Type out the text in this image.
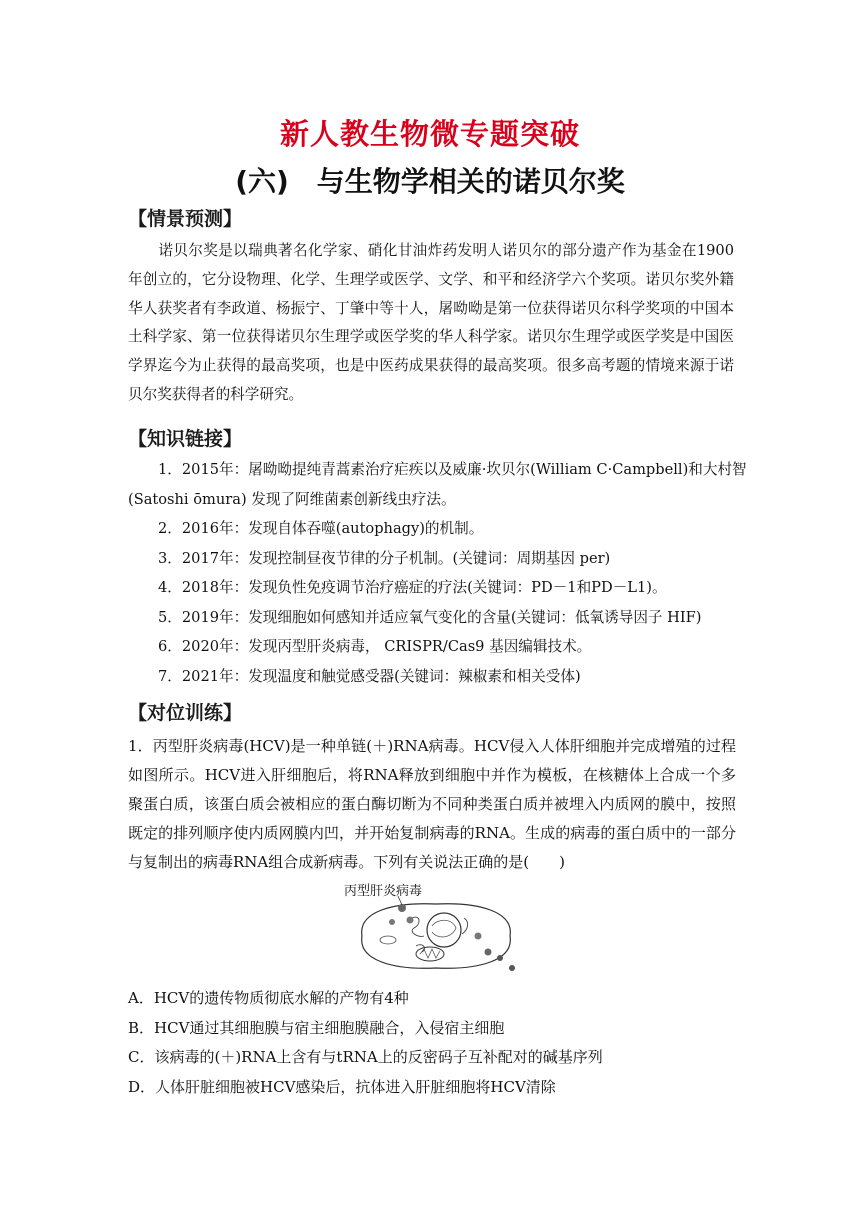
新人教生物微专题突破
(六)　与生物学相关的诺贝尔奖
【情景预测】
诺贝尔奖是以瑞典著名化学家、硝化甘油炸药发明人诺贝尔的部分遗产作为基金在1900年创立的，它分设物理、化学、生理学或医学、文学、和平和经济学六个奖项。诺贝尔奖外籍华人获奖者有李政道、杨振宁、丁肇中等十人，屠呦呦是第一位获得诺贝尔科学奖项的中国本土科学家、第一位获得诺贝尔生理学或医学奖的华人科学家。诺贝尔生理学或医学奖是中国医学界迄今为止获得的最高奖项，也是中医药成果获得的最高奖项。很多高考题的情境来源于诺贝尔奖获得者的科学研究。
【知识链接】
1．2015年：屠呦呦提纯青蒿素治疗疟疾以及威廉·坎贝尔(William C·Campbell)和大村智
(Satoshi ōmura) 发现了阿维菌素创新线虫疗法。
2．2016年：发现自体吞噬(autophagy)的机制。
3．2017年：发现控制昼夜节律的分子机制。(关键词：周期基因 per)
4．2018年：发现负性免疫调节治疗癌症的疗法(关键词：PD－1和PD－L1)。
5．2019年：发现细胞如何感知并适应氧气变化的含量(关键词：低氧诱导因子 HIF)
6．2020年：发现丙型肝炎病毒， CRISPR/Cas9 基因编辑技术。
7．2021年：发现温度和触觉感受器(关键词：辣椒素和相关受体)
【对位训练】
1．丙型肝炎病毒(HCV)是一种单链(＋)RNA病毒。HCV侵入人体肝细胞并完成增殖的过程如图所示。HCV进入肝细胞后，将RNA释放到细胞中并作为模板，在核糖体上合成一个多聚蛋白质，该蛋白质会被相应的蛋白酶切断为不同种类蛋白质并被埋入内质网的膜中，按照既定的排列顺序使内质网膜内凹，并开始复制病毒的RNA。生成的病毒的蛋白质中的一部分与复制出的病毒RNA组合成新病毒。下列有关说法正确的是(　　)
丙型肝炎病毒
A．HCV的遗传物质彻底水解的产物有4种
B．HCV通过其细胞膜与宿主细胞膜融合，入侵宿主细胞
C．该病毒的(＋)RNA上含有与tRNA上的反密码子互补配对的碱基序列
D．人体肝脏细胞被HCV感染后，抗体进入肝脏细胞将HCV清除
